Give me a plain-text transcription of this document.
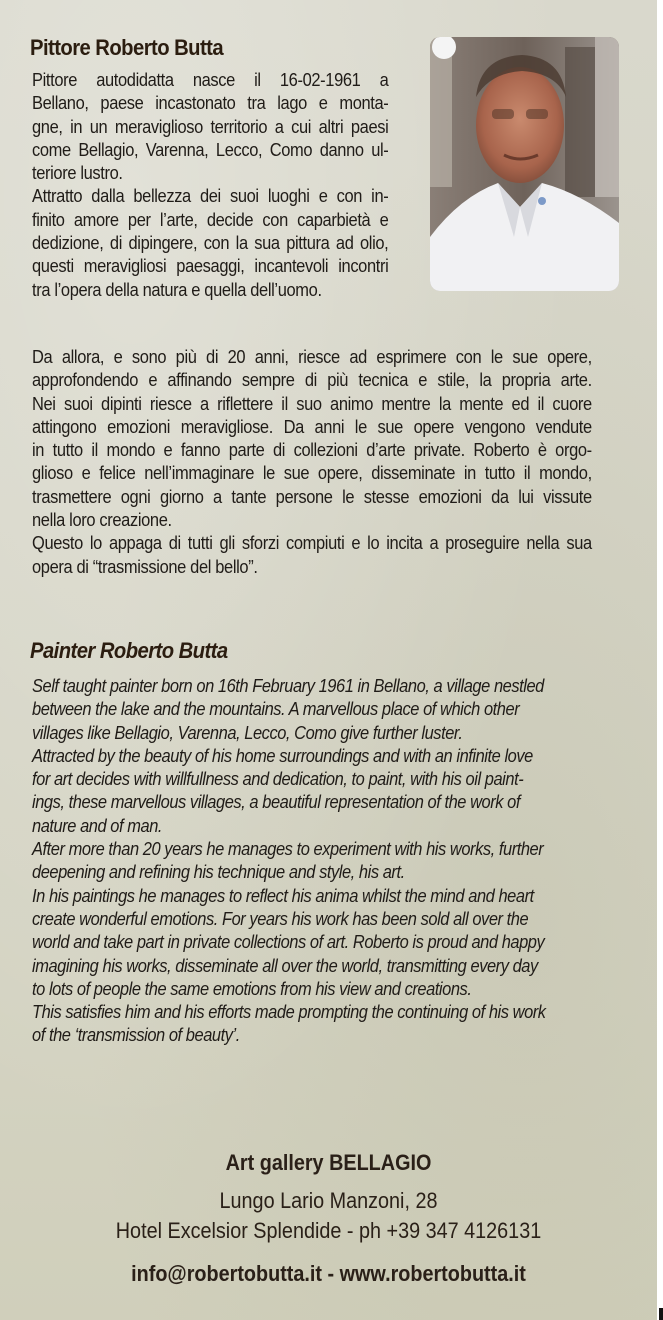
Pittore Roberto Butta
Pittore autodidatta nasce il 16-02-1961 a
Bellano, paese incastonato tra lago e monta-
gne, in un meraviglioso territorio a cui altri paesi
come Bellagio, Varenna, Lecco, Como danno ul-
teriore lustro.
Attratto dalla bellezza dei suoi luoghi e con in-
finito amore per l’arte, decide con caparbietà e
dedizione, di dipingere, con la sua pittura ad olio,
questi meravigliosi paesaggi, incantevoli incontri
tra l’opera della natura e quella dell’uomo.
Da allora, e sono più di 20 anni, riesce ad esprimere con le sue opere,
approfondendo e affinando sempre di più tecnica e stile, la propria arte.
Nei suoi dipinti riesce a riflettere il suo animo mentre la mente ed il cuore
attingono emozioni meravigliose. Da anni le sue opere vengono vendute
in tutto il mondo e fanno parte di collezioni d’arte private. Roberto è orgo-
glioso e felice nell’immaginare le sue opere, disseminate in tutto il mondo,
trasmettere ogni giorno a tante persone le stesse emozioni da lui vissute
nella loro creazione.
Questo lo appaga di tutti gli sforzi compiuti e lo incita a proseguire nella sua
opera di “trasmissione del bello”.
Painter Roberto Butta
Self taught painter born on 16th February 1961 in Bellano, a village nestled
between the lake and the mountains. A marvellous place of which other
villages like Bellagio, Varenna, Lecco, Como give further luster.
Attracted by the beauty of his home surroundings and with an infinite love
for art decides with willfullness and dedication, to paint, with his oil paint-
ings, these marvellous villages, a beautiful representation of the work of
nature and of man.
After more than 20 years he manages to experiment with his works, further
deepening and refining his technique and style, his art.
In his paintings he manages to reflect his anima whilst the mind and heart
create wonderful emotions. For years his work has been sold all over the
world and take part in private collections of art. Roberto is proud and happy
imagining his works, disseminate all over the world, transmitting every day
to lots of people the same emotions from his view and creations.
This satisfies him and his efforts made prompting the continuing of his work
of the ‘transmission of beauty’.
Art gallery BELLAGIO
Lungo Lario Manzoni, 28
Hotel Excelsior Splendide - ph +39 347 4126131
info@robertobutta.it - www.robertobutta.it
